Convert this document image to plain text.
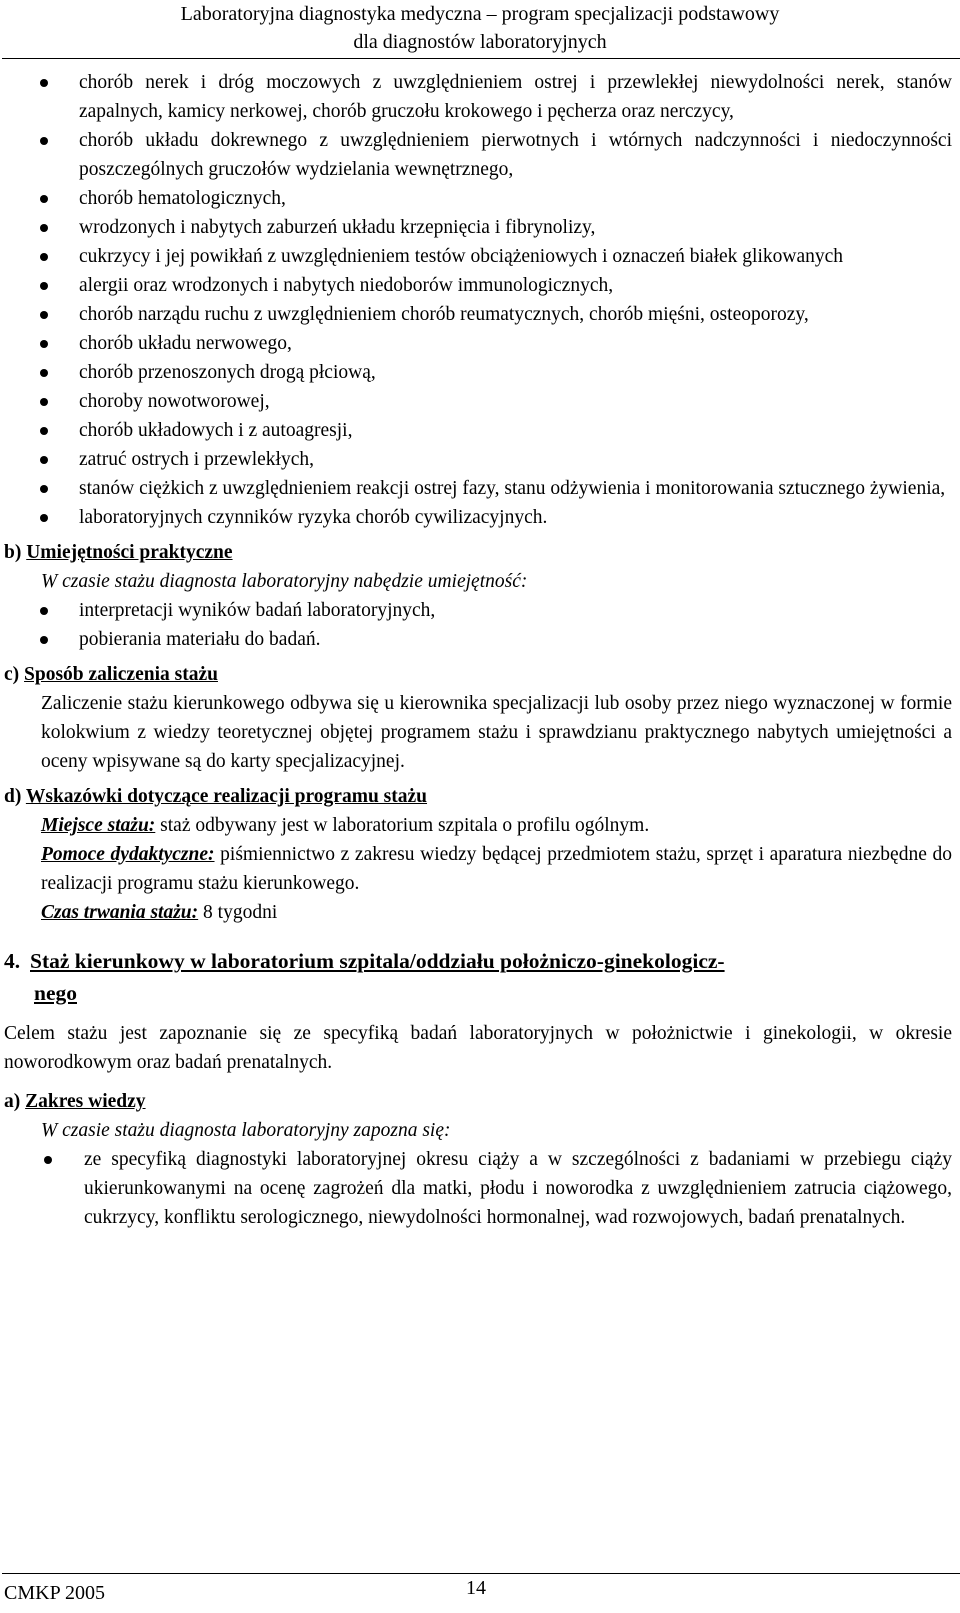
Laboratoryjna diagnostyka medyczna – program specjalizacji podstawowy
dla diagnostów laboratoryjnych
chorób nerek i dróg moczowych z uwzględnieniem ostrej i przewlekłej niewydolności nerek, stanów zapalnych, kamicy nerkowej, chorób gruczołu krokowego i pęcherza oraz nerczycy,
chorób układu dokrewnego z uwzględnieniem pierwotnych i wtórnych nadczynności i niedoczynności poszczególnych gruczołów wydzielania wewnętrznego,
chorób hematologicznych,
wrodzonych i nabytych zaburzeń układu krzepnięcia i fibrynolizy,
cukrzycy i jej powikłań z uwzględnieniem testów obciążeniowych i oznaczeń białek glikowanych
alergii oraz wrodzonych i nabytych niedoborów immunologicznych,
chorób narządu ruchu z uwzględnieniem chorób reumatycznych, chorób mięśni, osteoporozy,
chorób układu nerwowego,
chorób przenoszonych drogą płciową,
choroby nowotworowej,
chorób układowych i z autoagresji,
zatruć ostrych i przewlekłych,
stanów ciężkich z uwzględnieniem reakcji ostrej fazy, stanu odżywienia i monitorowania sztucznego żywienia,
laboratoryjnych czynników ryzyka chorób cywilizacyjnych.
b) Umiejętności praktyczne
W czasie stażu diagnosta laboratoryjny nabędzie umiejętność:
interpretacji wyników badań laboratoryjnych,
pobierania materiału do badań.
c) Sposób zaliczenia stażu
Zaliczenie stażu kierunkowego odbywa się u kierownika specjalizacji lub osoby przez niego wyznaczonej w formie kolokwium z wiedzy teoretycznej objętej programem stażu i sprawdzianu praktycznego nabytych umiejętności a oceny wpisywane są do karty specjalizacyjnej.
d) Wskazówki dotyczące realizacji programu stażu
Miejsce stażu: staż odbywany jest w laboratorium szpitala o profilu ogólnym.
Pomoce dydaktyczne: piśmiennictwo z zakresu wiedzy będącej przedmiotem stażu, sprzęt i aparatura niezbędne do realizacji programu stażu kierunkowego.
Czas trwania stażu: 8 tygodni
4. Staż kierunkowy w laboratorium szpitala/oddziału położniczo-ginekologicz-
nego
Celem stażu jest zapoznanie się ze specyfiką badań laboratoryjnych w położnictwie i ginekologii, w okresie noworodkowym oraz badań prenatalnych.
a) Zakres wiedzy
W czasie stażu diagnosta laboratoryjny zapozna się:
ze specyfiką diagnostyki laboratoryjnej okresu ciąży a w szczególności z badaniami w przebiegu ciąży ukierunkowanymi na ocenę zagrożeń dla matki, płodu i noworodka z uwzględnieniem zatrucia ciążowego, cukrzycy, konfliktu serologicznego, niewydolności hormonalnej, wad rozwojowych, badań prenatalnych.
CMKP 2005	14
